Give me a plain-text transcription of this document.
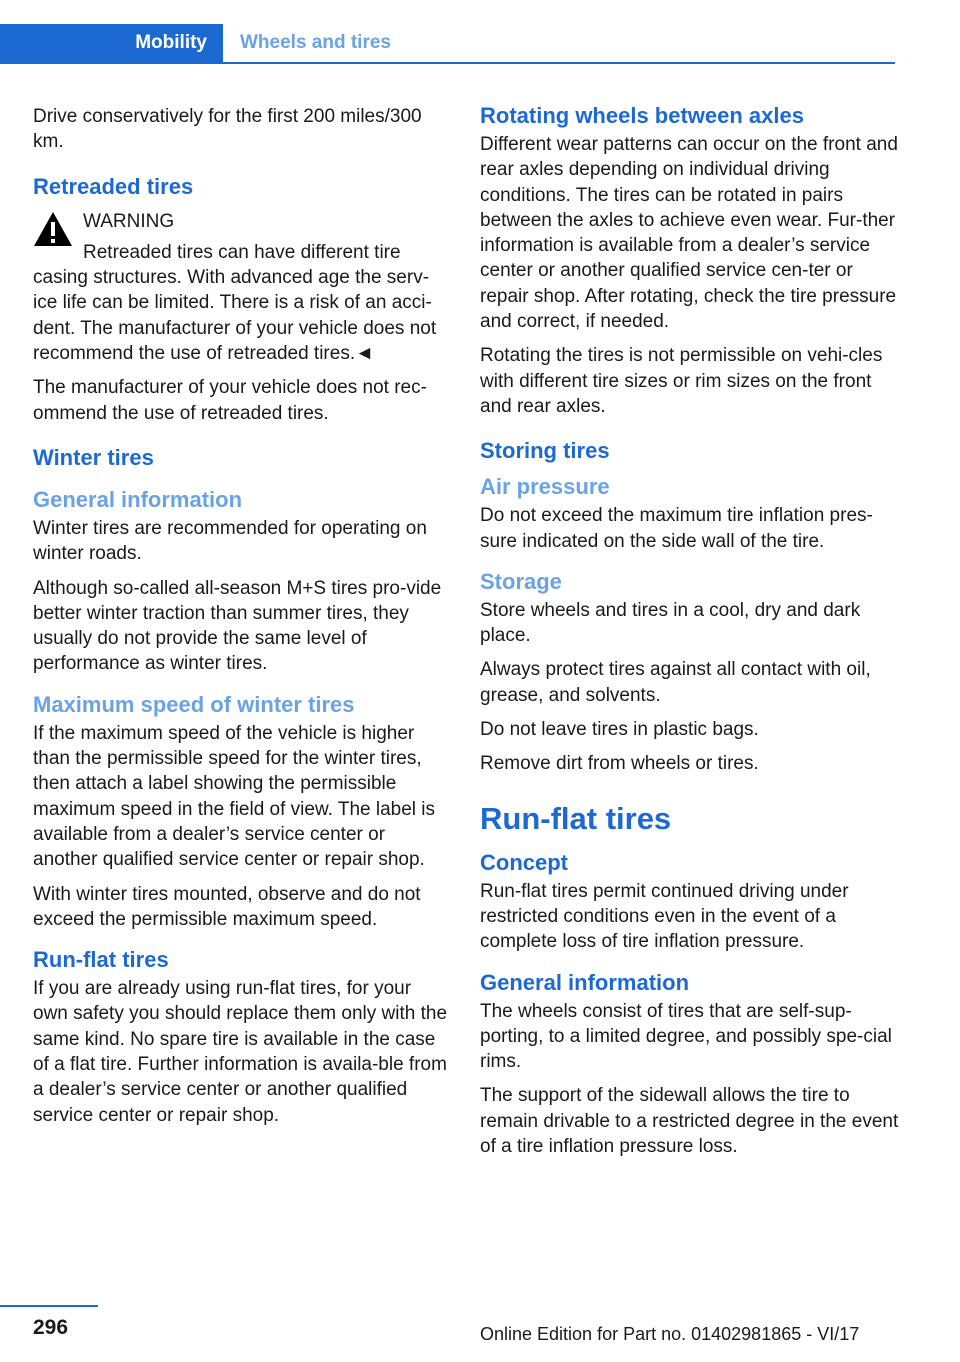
Mobility	Wheels and tires

Drive conservatively for the first 200 miles/300 km.

Retreaded tires

WARNING

Retreaded tires can have different tire casing structures. With advanced age the serv‐ice life can be limited. There is a risk of an acci‐dent. The manufacturer of your vehicle does not recommend the use of retreaded tires.◄

The manufacturer of your vehicle does not rec‐ommend the use of retreaded tires.

Winter tires
General information

Winter tires are recommended for operating on winter roads.

Although so-called all-season M+S tires pro‐vide better winter traction than summer tires, they usually do not provide the same level of performance as winter tires.

Maximum speed of winter tires

If the maximum speed of the vehicle is higher than the permissible speed for the winter tires, then attach a label showing the permissible maximum speed in the field of view. The label is available from a dealer’s service center or another qualified service center or repair shop.

With winter tires mounted, observe and do not exceed the permissible maximum speed.

Run-flat tires

If you are already using run-flat tires, for your own safety you should replace them only with the same kind. No spare tire is available in the case of a flat tire. Further information is availa‐ble from a dealer’s service center or another qualified service center or repair shop.

Rotating wheels between axles

Different wear patterns can occur on the front and rear axles depending on individual driving conditions. The tires can be rotated in pairs between the axles to achieve even wear. Fur‐ther information is available from a dealer’s service center or another qualified service cen‐ter or repair shop. After rotating, check the tire pressure and correct, if needed.

Rotating the tires is not permissible on vehi‐cles with different tire sizes or rim sizes on the front and rear axles.

Storing tires
Air pressure

Do not exceed the maximum tire inflation pres‐sure indicated on the side wall of the tire.

Storage

Store wheels and tires in a cool, dry and dark place.

Always protect tires against all contact with oil, grease, and solvents.

Do not leave tires in plastic bags.

Remove dirt from wheels or tires.

Run-flat tires
Concept

Run-flat tires permit continued driving under restricted conditions even in the event of a complete loss of tire inflation pressure.

General information

The wheels consist of tires that are self-sup‐porting, to a limited degree, and possibly spe‐cial rims.

The support of the sidewall allows the tire to remain drivable to a restricted degree in the event of a tire inflation pressure loss.

296	Online Edition for Part no. 01402981865 - VI/17
